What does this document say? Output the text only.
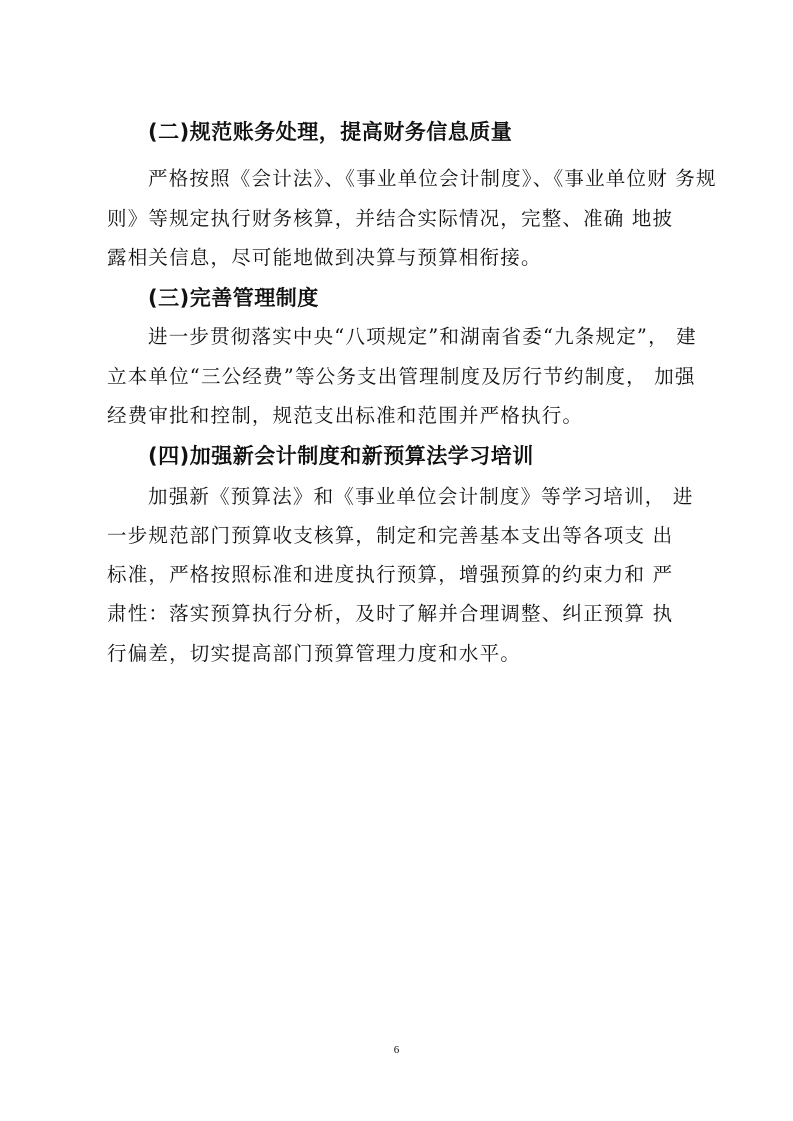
(二)规范账务处理，提高财务信息质量
严格按照《会计法》、《事业单位会计制度》、《事业单位财 务规
则》等规定执行财务核算，并结合实际情况，完整、准确 地披
露相关信息，尽可能地做到决算与预算相衔接。
(三)完善管理制度
进一步贯彻落实中央“八项规定”和湖南省委“九条规定”， 建
立本单位“三公经费”等公务支出管理制度及厉行节约制度， 加强
经费审批和控制，规范支出标准和范围并严格执行。
(四)加强新会计制度和新预算法学习培训
加强新《预算法》和《事业单位会计制度》等学习培训， 进
一步规范部门预算收支核算，制定和完善基本支出等各项支 出
标准，严格按照标准和进度执行预算，增强预算的约束力和 严
肃性：落实预算执行分析，及时了解并合理调整、纠正预算 执
行偏差，切实提高部门预算管理力度和水平。
6
